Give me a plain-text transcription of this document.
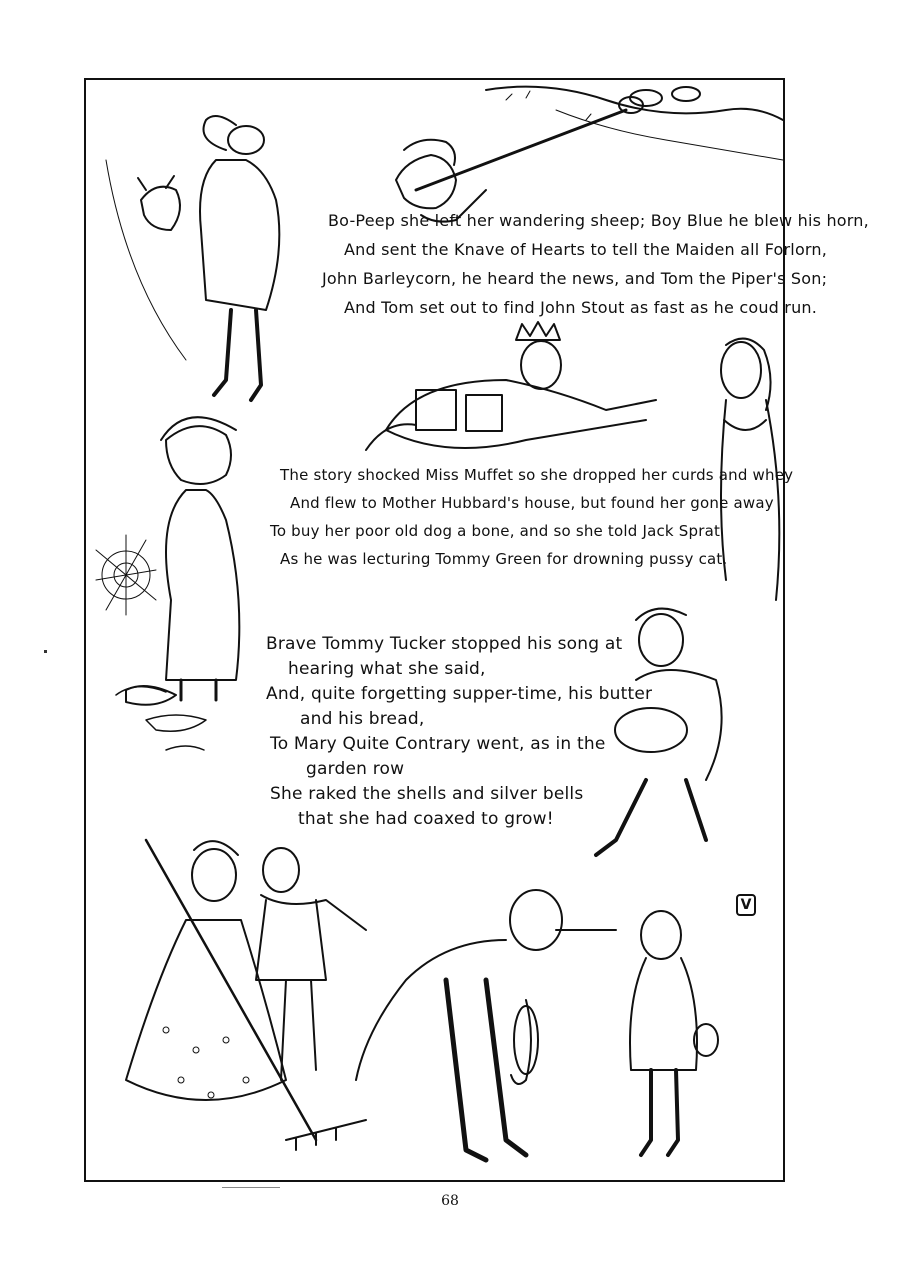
Bo-Peep she left her wandering sheep; Boy Blue he blew his horn,
And sent the Knave of Hearts to tell the Maiden all Forlorn,
John Barleycorn, he heard the news, and Tom the Piper's Son;
And Tom set out to find John Stout as fast as he coud run.
The story shocked Miss Muffet so she dropped her curds and whey
And flew to Mother Hubbard's house, but found her gone away
To buy her poor old dog a bone, and so she told Jack Sprat
As he was lecturing Tommy Green for drowning pussy cat.
Brave Tommy Tucker stopped his song at
hearing what she said,
And, quite forgetting supper-time, his butter
and his bread,
To Mary Quite Contrary went, as in the
garden row
She raked the shells and silver bells
that she had coaxed to grow!
V
68
